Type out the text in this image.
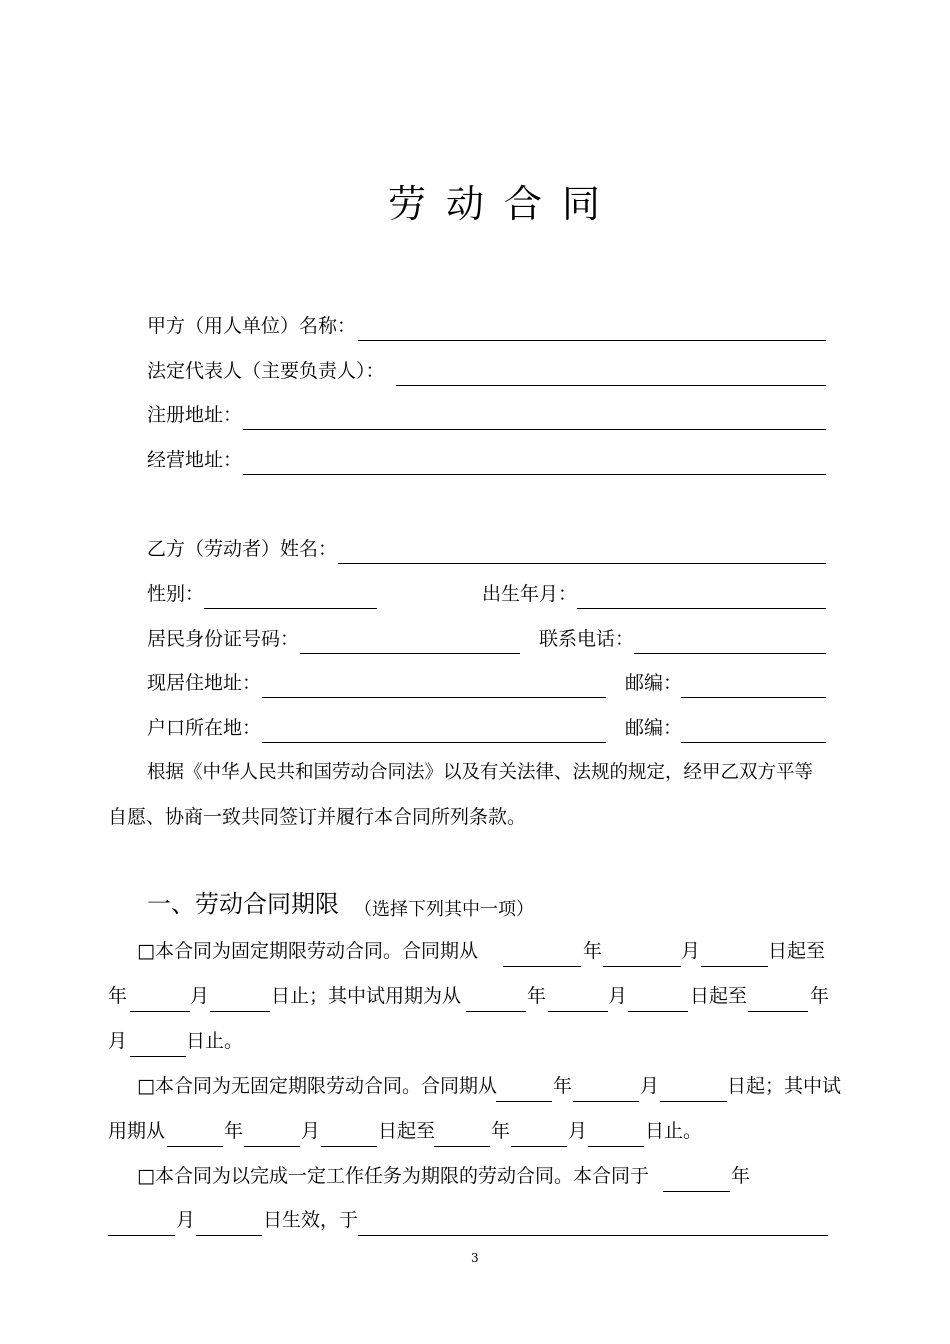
劳 动 合 同
甲方（用人单位）名称：
法定代表人（主要负责人）：
注册地址：
经营地址：
乙方（劳动者）姓名：
性别：	出生年月：
居民身份证号码：	联系电话：
现居住地址：	邮编：
户口所在地：	邮编：
根据《中华人民共和国劳动合同法》以及有关法律、法规的规定，经甲乙双方平等
自愿、协商一致共同签订并履行本合同所列条款。
一、劳动合同期限 （选择下列其中一项）
□本合同为固定期限劳动合同。合同期从	年	月	日起至
年	月	日止；其中试用期为从	年	月	日起至	年
月	日止。
□本合同为无固定期限劳动合同。合同期从	年	月	日起；其中试
用期从	年	月	日起至	年	月	日止。
□本合同为以完成一定工作任务为期限的劳动合同。本合同于	年
月	日生效，于
3
